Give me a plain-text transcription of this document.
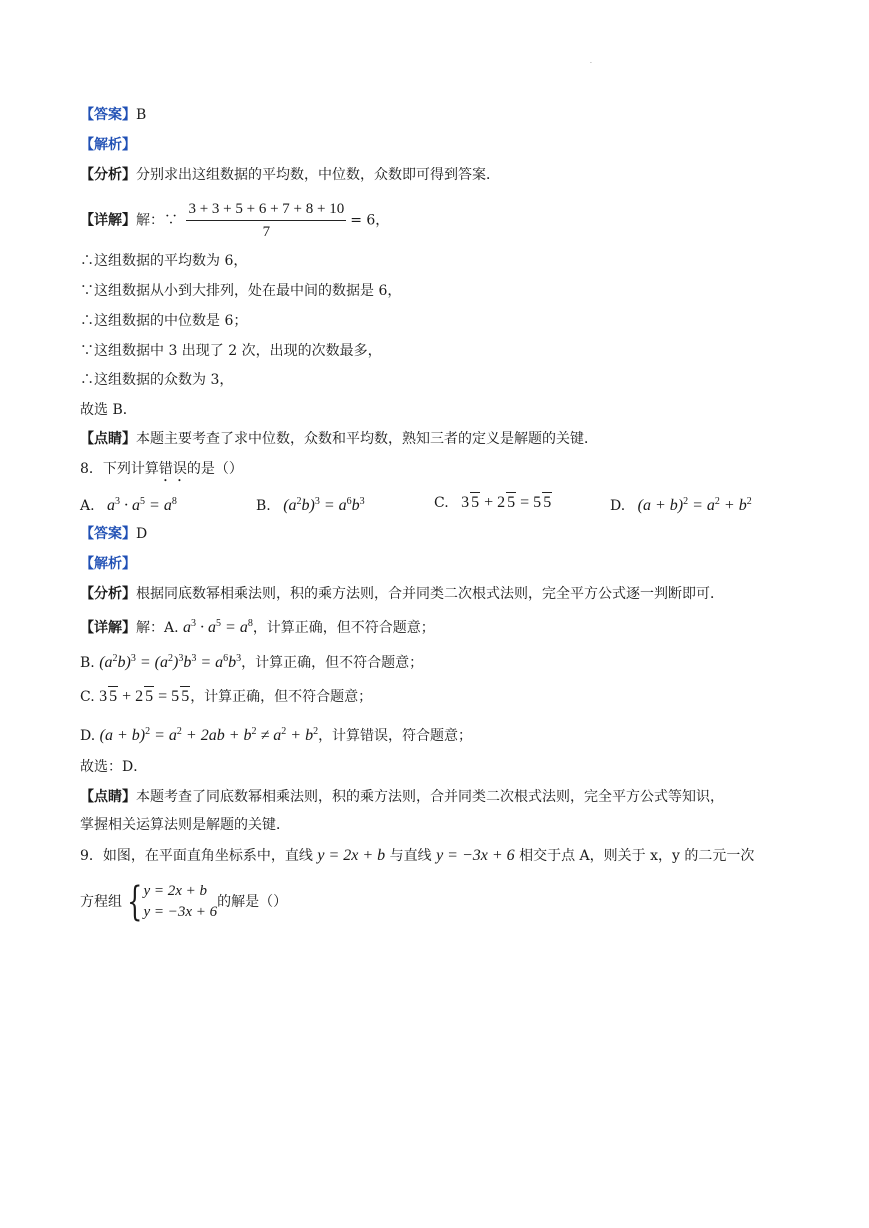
·
【答案】B
【解析】
【分析】分别求出这组数据的平均数，中位数，众数即可得到答案．
【详解】解：∵ $\frac{3 + 3 + 5 + 6 + 7 + 8 + 10}{7} = 6$，
∴这组数据的平均数为 6，
∵这组数据从小到大排列，处在最中间的数据是 6，
∴这组数据的中位数是 6；
∵这组数据中 3 出现了 2 次，出现的次数最多，
∴这组数据的众数为 3，
故选 B．
【点睛】本题主要考查了求中位数，众数和平均数，熟知三者的定义是解题的关键．
8．下列计算错误的是（）
A. $a^3 \cdot a^5 = a^8$	B. $(a^2b)^3 = a^6b^3$	C. 3 5 + 2 5 = 5 5	D. $(a + b)^2 = a^2 + b^2$
【答案】D
【解析】
【分析】根据同底数幂相乘法则，积的乘方法则，合并同类二次根式法则，完全平方公式逐一判断即可．
【详解】解：A. $a^3 \cdot a^5 = a^8$，计算正确，但不符合题意；
B. $(a^2b)^3 = (a^2)^3b^3 = a^6b^3$，计算正确，但不符合题意；
C. 3 5 + 2 5 = 5 5，计算正确，但不符合题意；
D. $(a + b)^2 = a^2 + 2ab + b^2 \ne a^2 + b^2$，计算错误，符合题意；
故选：D．
【点睛】本题考查了同底数幂相乘法则，积的乘方法则，合并同类二次根式法则，完全平方公式等知识，
掌握相关运算法则是解题的关键．
9．如图，在平面直角坐标系中，直线 y = 2x + b 与直线 y = −3x + 6 相交于点 A，则关于 x，y 的二元一次
方程组 { y = 2x + b
y = −3x + 6
的解是（）
